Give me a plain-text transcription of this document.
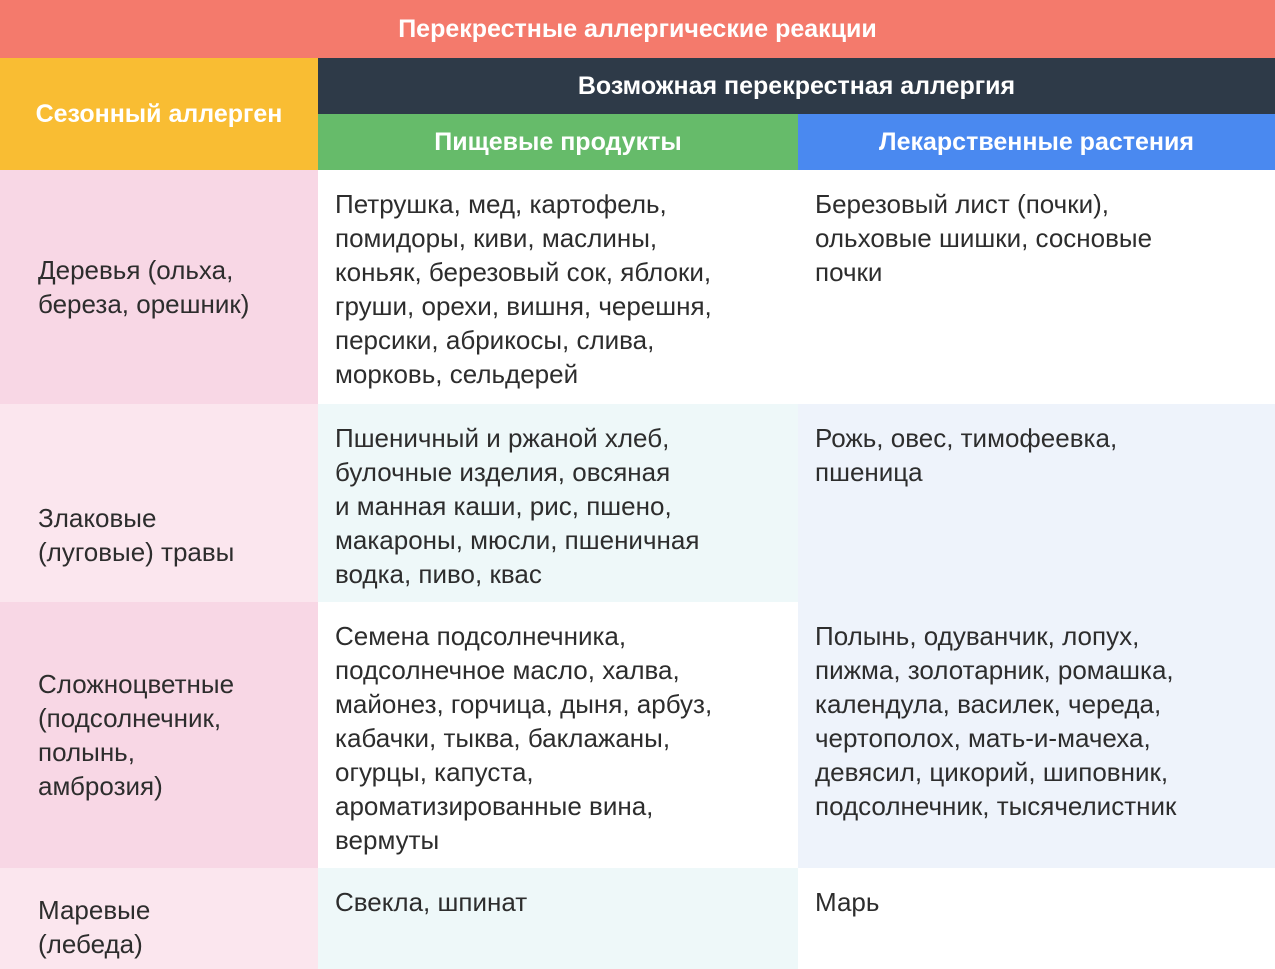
Перекрестные аллергические реакции
Сезонный аллерген
Возможная перекрестная аллергия
Пищевые продукты	Лекарственные растения
Деревья (ольха,
береза, орешник)
Петрушка, мед, картофель,
помидоры, киви, маслины,
коньяк, березовый сок, яблоки,
груши, орехи, вишня, черешня,
персики, абрикосы, слива,
морковь, сельдерей
Березовый лист (почки),
ольховые шишки, сосновые
почки
Злаковые
(луговые) травы
Пшеничный и ржаной хлеб,
булочные изделия, овсяная
и манная каши, рис, пшено,
макароны, мюсли, пшеничная
водка, пиво, квас
Рожь, овес, тимофеевка,
пшеница
Сложноцветные
(подсолнечник,
полынь,
амброзия)
Семена подсолнечника,
подсолнечное масло, халва,
майонез, горчица, дыня, арбуз,
кабачки, тыква, баклажаны,
огурцы, капуста,
ароматизированные вина,
вермуты
Полынь, одуванчик, лопух,
пижма, золотарник, ромашка,
календула, василек, череда,
чертополох, мать-и-мачеха,
девясил, цикорий, шиповник,
подсолнечник, тысячелистник
Маревые
(лебеда)
Свекла, шпинат	Марь
